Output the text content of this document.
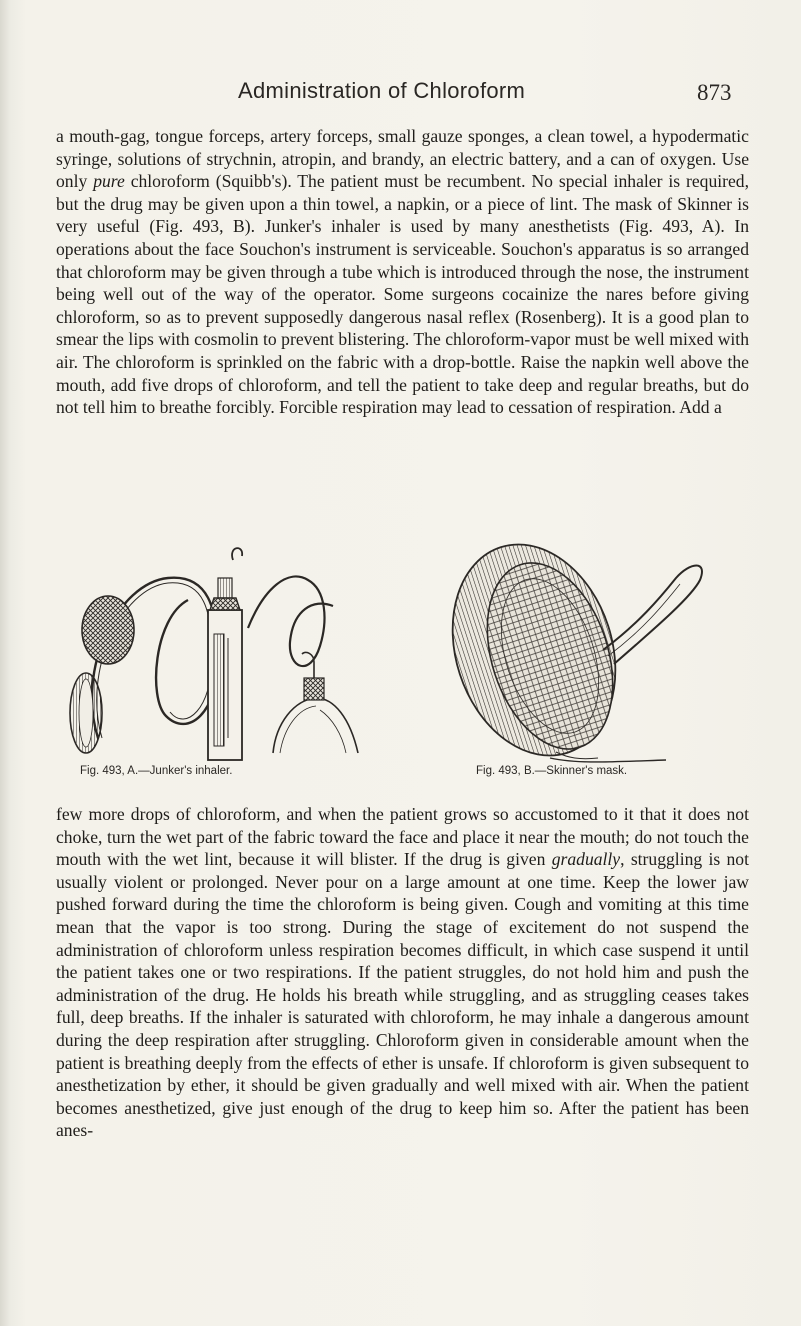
Administration of Chloroform	873

a mouth-gag, tongue forceps, artery forceps, small gauze sponges, a clean towel, a hypodermatic syringe, solutions of strychnin, atropin, and brandy, an electric battery, and a can of oxygen. Use only pure chloroform (Squibb's). The patient must be recumbent. No special inhaler is required, but the drug may be given upon a thin towel, a napkin, or a piece of lint. The mask of Skinner is very useful (Fig. 493, B). Junker's inhaler is used by many anesthetists (Fig. 493, A). In operations about the face Souchon's instrument is serviceable. Souchon's apparatus is so arranged that chloroform may be given through a tube which is introduced through the nose, the instrument being well out of the way of the operator. Some surgeons cocainize the nares before giving chloroform, so as to prevent supposedly dangerous nasal reflex (Rosenberg). It is a good plan to smear the lips with cosmolin to prevent blistering. The chloroform-vapor must be well mixed with air. The chloroform is sprinkled on the fabric with a drop-bottle. Raise the napkin well above the mouth, add five drops of chloroform, and tell the patient to take deep and regular breaths, but do not tell him to breathe forcibly. Forcible respiration may lead to cessation of respiration. Add a

Fig. 493, A.—Junker's inhaler.	Fig. 493, B.—Skinner's mask.

few more drops of chloroform, and when the patient grows so accustomed to it that it does not choke, turn the wet part of the fabric toward the face and place it near the mouth; do not touch the mouth with the wet lint, because it will blister. If the drug is given gradually, struggling is not usually violent or prolonged. Never pour on a large amount at one time. Keep the lower jaw pushed forward during the time the chloroform is being given. Cough and vomiting at this time mean that the vapor is too strong. During the stage of excitement do not suspend the administration of chloroform unless respiration becomes difficult, in which case suspend it until the patient takes one or two respirations. If the patient struggles, do not hold him and push the administration of the drug. He holds his breath while struggling, and as struggling ceases takes full, deep breaths. If the inhaler is saturated with chloroform, he may inhale a dangerous amount during the deep respiration after struggling. Chloroform given in considerable amount when the patient is breathing deeply from the effects of ether is unsafe. If chloroform is given subsequent to anesthetization by ether, it should be given gradually and well mixed with air. When the patient becomes anesthetized, give just enough of the drug to keep him so. After the patient has been anes-
